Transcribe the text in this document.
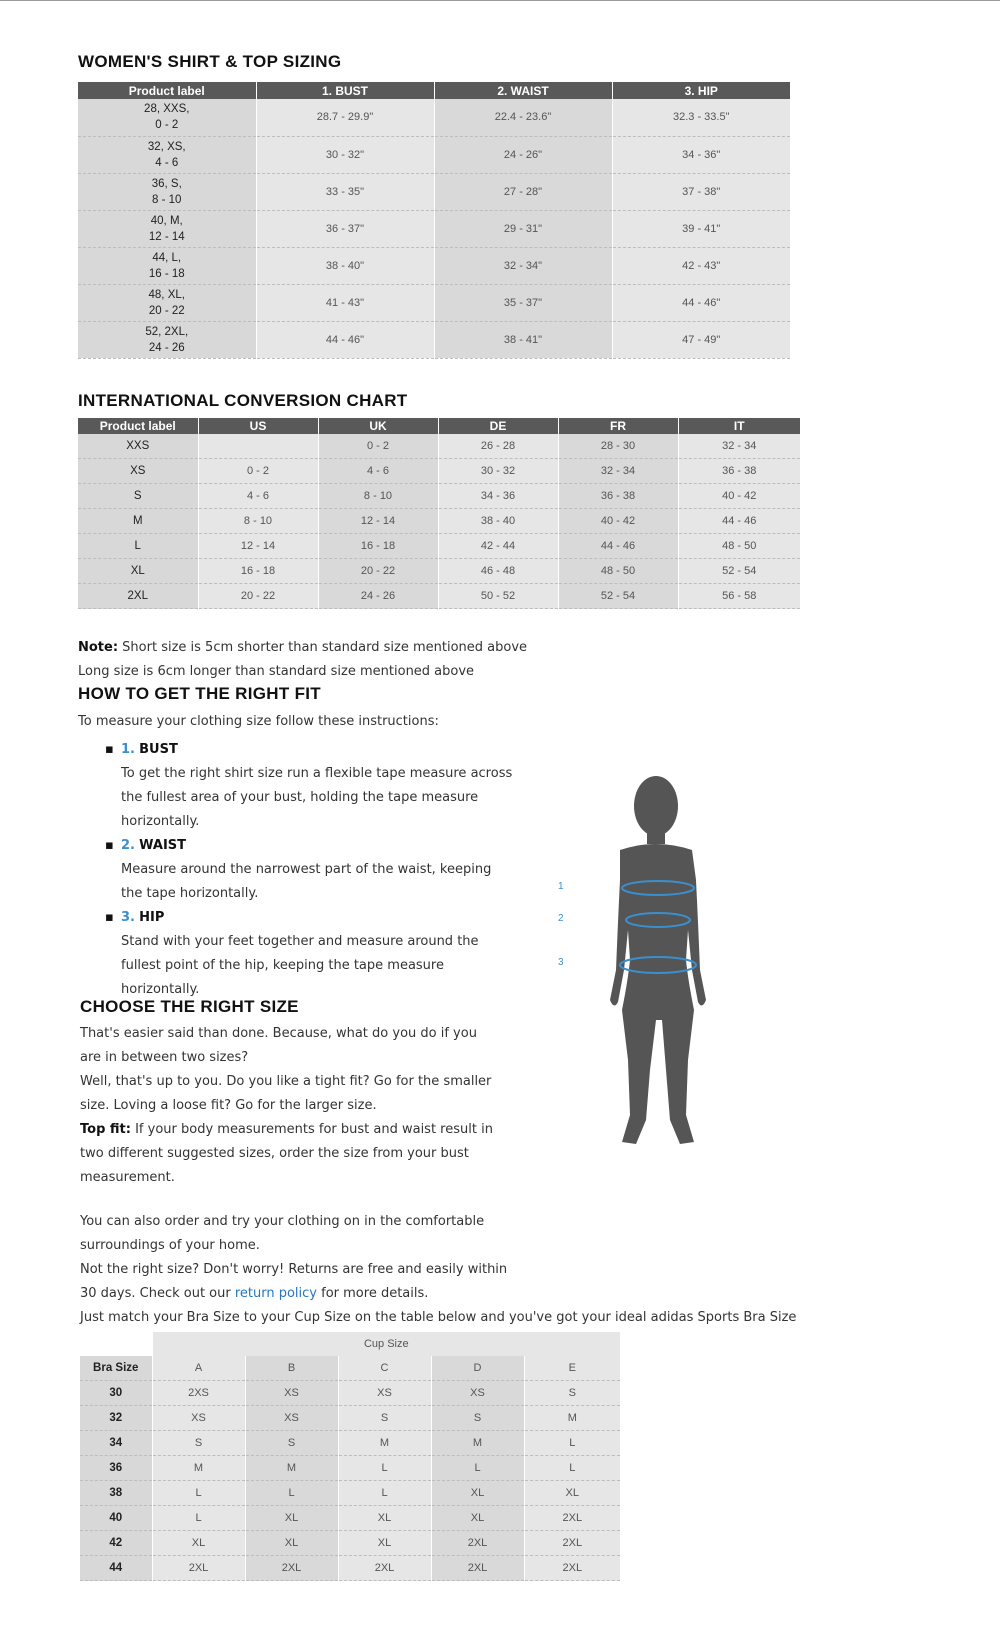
WOMEN'S SHIRT & TOP SIZING
Product label	1. BUST	2. WAIST	3. HIP

28, XXS,
0 - 2	28.7 - 29.9"	22.4 - 23.6"	32.3 - 33.5"

32, XS,
4 - 6	30 - 32"	24 - 26"	34 - 36"

36, S,
8 - 10	33 - 35"	27 - 28"	37 - 38"

40, M,
12 - 14	36 - 37"	29 - 31"	39 - 41"

44, L,
16 - 18	38 - 40"	32 - 34"	42 - 43"

48, XL,
20 - 22	41 - 43"	35 - 37"	44 - 46"

52, 2XL,
24 - 26	44 - 46"	38 - 41"	47 - 49"
INTERNATIONAL CONVERSION CHART
Product label	US	UK	DE	FR	IT
XXS		0 - 2	26 - 28	28 - 30	32 - 34
XS	0 - 2	4 - 6	30 - 32	32 - 34	36 - 38
S	4 - 6	8 - 10	34 - 36	36 - 38	40 - 42
M	8 - 10	12 - 14	38 - 40	40 - 42	44 - 46
L	12 - 14	16 - 18	42 - 44	44 - 46	48 - 50
XL	16 - 18	20 - 22	46 - 48	48 - 50	52 - 54
2XL	20 - 22	24 - 26	50 - 52	52 - 54	56 - 58
Note: Short size is 5cm shorter than standard size mentioned above
Long size is 6cm longer than standard size mentioned above
HOW TO GET THE RIGHT FIT
To measure your clothing size follow these instructions:
▪ 1. BUST
To get the right shirt size run a flexible tape measure across the fullest area of your bust, holding the tape measure horizontally.
▪ 2. WAIST
Measure around the narrowest part of the waist, keeping the tape horizontally.
▪ 3. HIP
Stand with your feet together and measure around the fullest point of the hip, keeping the tape measure horizontally.
1
2
3
CHOOSE THE RIGHT SIZE
That's easier said than done. Because, what do you do if you are in between two sizes?
Well, that's up to you. Do you like a tight fit? Go for the smaller size. Loving a loose fit? Go for the larger size.
Top fit: If your body measurements for bust and waist result in two different suggested sizes, order the size from your bust measurement.
You can also order and try your clothing on in the comfortable surroundings of your home.
Not the right size? Don't worry! Returns are free and easily within 30 days. Check out our return policy for more details.
Just match your Bra Size to your Cup Size on the table below and you've got your ideal adidas Sports Bra Size
	Cup Size				
Bra Size	A	B	C	D	E
30	2XS	XS	XS	XS	S
32	XS	XS	S	S	M
34	S	S	M	M	L
36	M	M	L	L	L
38	L	L	L	XL	XL
40	L	XL	XL	XL	2XL
42	XL	XL	XL	2XL	2XL
44	2XL	2XL	2XL	2XL	2XL
